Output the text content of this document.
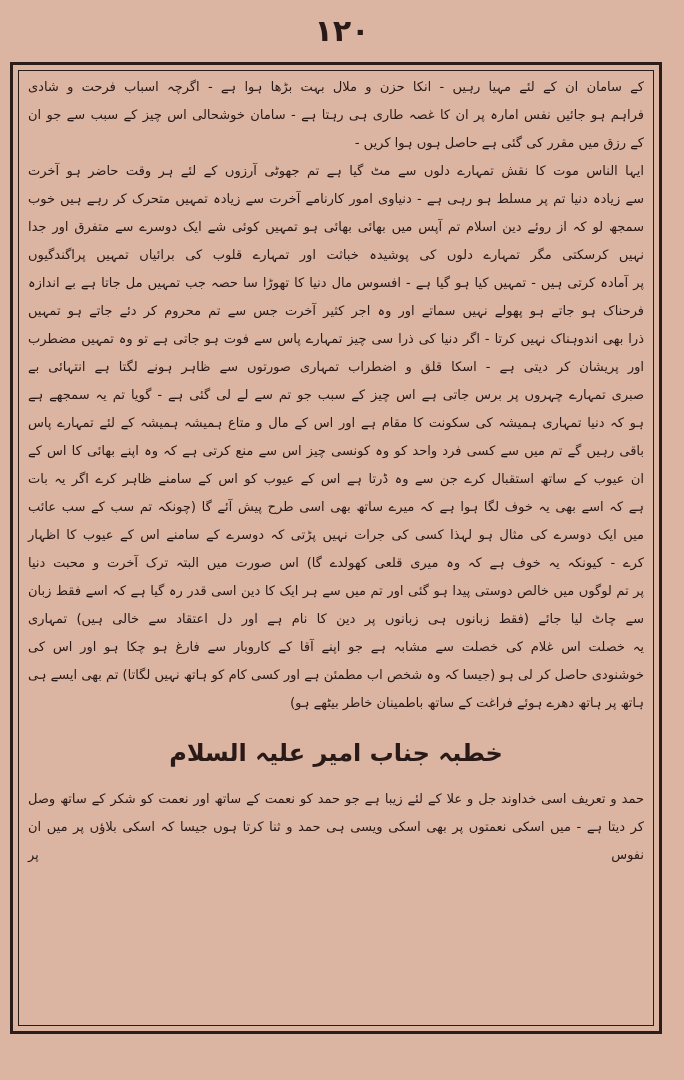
۱۲۰
کے سامان ان کے لئے مہیا رہیں - انکا حزن و ملال بہت بڑھا ہوا ہے - اگرچہ اسباب فرحت و شادی
فراہم ہو جائیں نفس امارہ پر ان کا غصہ طاری ہی رہتا ہے - سامان خوشحالی اس چیز کے سبب سے جو ان
کے رزق میں مقرر کی گئی ہے حاصل ہوں ہوا کریں -
ایہا الناس موت کا نقش تمہارے دلوں سے مٹ گیا ہے تم جھوٹی آرزوں کے لئے ہر وقت حاضر ہو آخرت
سے زیادہ دنیا تم پر مسلط ہو رہی ہے - دنیاوی امور کارنامے آخرت سے زیادہ تمہیں متحرک کر رہے ہیں خوب
سمجھ لو کہ از روئے دین اسلام تم آپس میں بھائی بھائی ہو تمہیں کوئی شے ایک دوسرے سے متفرق اور جدا
نہیں کرسکتی مگر تمہارے دلوں کی پوشیدہ خباثت اور تمہارے قلوب کی برائیاں تمہیں پراگندگیوں
پر آمادہ کرتی ہیں - تمہیں کیا ہو گیا ہے - افسوس مال دنیا کا تھوڑا سا حصہ جب تمہیں مل جاتا ہے بے اندازہ
فرحناک ہو جاتے ہو پھولے نہیں سماتے اور وہ اجر کثیر آخرت جس سے تم محروم کر دئے جاتے ہو تمہیں
ذرا بھی اندوہناک نہیں کرتا - اگر دنیا کی ذرا سی چیز تمہارے پاس سے فوت ہو جاتی ہے تو وہ تمہیں مضطرب
اور پریشان کر دیتی ہے - اسکا قلق و اضطراب تمہاری صورتوں سے ظاہر ہونے لگتا ہے انتہائی بے
صبری تمہارے چہروں پر برس جاتی ہے اس چیز کے سبب جو تم سے لے لی گئی ہے - گویا تم یہ سمجھے ہے
ہو کہ دنیا تمہاری ہمیشہ کی سکونت کا مقام ہے اور اس کے مال و متاع ہمیشہ ہمیشہ کے لئے تمہارے پاس
باقی رہیں گے تم میں سے کسی فرد واحد کو وہ کونسی چیز اس سے منع کرتی ہے کہ وہ اپنے بھائی کا اس کے
ان عیوب کے ساتھ استقبال کرے جن سے وہ ڈرتا ہے اس کے عیوب کو اس کے سامنے ظاہر کرے اگر یہ بات
ہے کہ اسے بھی یہ خوف لگا ہوا ہے کہ میرے ساتھ بھی اسی طرح پیش آئے گا (چونکہ تم سب کے سب عائب
میں ایک دوسرے کی مثال ہو لہذا کسی کی جرات نہیں پڑتی کہ دوسرے کے سامنے اس کے عیوب کا اظہار
کرے - کیونکہ یہ خوف ہے کہ وہ میری قلعی کھولدے گا) اس صورت میں البتہ ترک آخرت و محبت دنیا
پر تم لوگوں میں خالص دوستی پیدا ہو گئی اور تم میں سے ہر ایک کا دین اسی قدر رہ گیا ہے کہ اسے فقط زبان
سے چاٹ لیا جائے (فقط زبانوں ہی زبانوں پر دین کا نام ہے اور دل اعتقاد سے خالی ہیں) تمہاری
یہ خصلت اس غلام کی خصلت سے مشابہ ہے جو اپنے آقا کے کاروبار سے فارغ ہو چکا ہو اور اس کی
خوشنودی حاصل کر لی ہو (جیسا کہ وہ شخص اب مطمئن ہے اور کسی کام کو ہاتھ نہیں لگاتا) تم بھی ایسے ہی
ہاتھ پر ہاتھ دھرے ہوئے فراغت کے ساتھ باطمینان خاطر بیٹھے ہو)
خطبہ جناب امیر علیہ السلام
حمد و تعریف اسی خداوند جل و علا کے لئے زیبا ہے جو حمد کو نعمت کے ساتھ اور نعمت کو شکر کے ساتھ وصل
کر دیتا ہے - میں اسکی نعمتوں پر بھی اسکی ویسی ہی حمد و ثنا کرتا ہوں جیسا کہ اسکی بلاؤں پر میں ان نفوس پر
